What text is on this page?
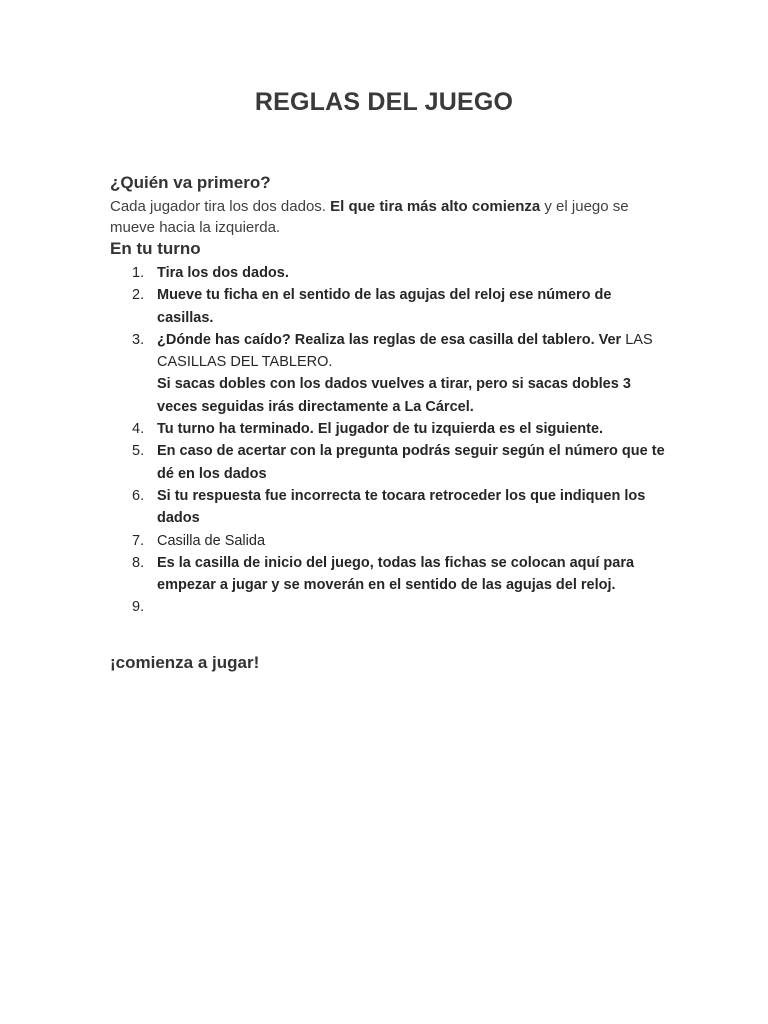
REGLAS DEL JUEGO
¿Quién va primero?

Cada jugador tira los dos dados. El que tira más alto comienza y el juego se mueve hacia la izquierda.

En tu turno
1. Tira los dos dados.
2. Mueve tu ficha en el sentido de las agujas del reloj ese número de casillas.
3. ¿Dónde has caído? Realiza las reglas de esa casilla del tablero. Ver LAS CASILLAS DEL TABLERO.
Si sacas dobles con los dados vuelves a tirar, pero si sacas dobles 3 veces seguidas irás directamente a La Cárcel.
4. Tu turno ha terminado. El jugador de tu izquierda es el siguiente.
5. En caso de acertar con la pregunta podrás seguir según el número que te dé en los dados
6. Si tu respuesta fue incorrecta te tocara retroceder los que indiquen los dados
7. Casilla de Salida
8. Es la casilla de inicio del juego, todas las fichas se colocan aquí para empezar a jugar y se moverán en el sentido de las agujas del reloj.
9.

¡comienza a jugar!
